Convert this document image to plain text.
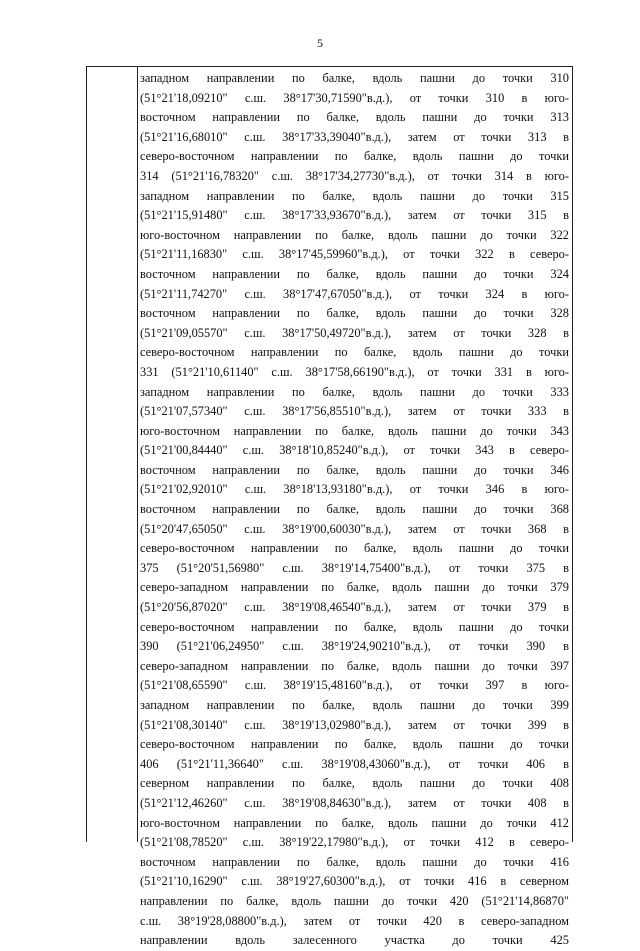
5
западном направлении по балке, вдоль пашни до точки 310
(51°21'18,09210" с.ш. 38°17'30,71590"в.д.), от точки 310 в юго-
восточном направлении по балке, вдоль пашни до точки 313
(51°21'16,68010" с.ш. 38°17'33,39040"в.д.), затем от точки 313 в
северо-восточном направлении по балке, вдоль пашни до точки
314 (51°21'16,78320" с.ш. 38°17'34,27730"в.д.), от точки 314 в юго-
западном направлении по балке, вдоль пашни до точки 315
(51°21'15,91480" с.ш. 38°17'33,93670"в.д.), затем от точки 315 в
юго-восточном направлении по балке, вдоль пашни до точки 322
(51°21'11,16830" с.ш. 38°17'45,59960"в.д.), от точки 322 в северо-
восточном направлении по балке, вдоль пашни до точки 324
(51°21'11,74270" с.ш. 38°17'47,67050"в.д.), от точки 324 в юго-
восточном направлении по балке, вдоль пашни до точки 328
(51°21'09,05570" с.ш. 38°17'50,49720"в.д.), затем от точки 328 в
северо-восточном направлении по балке, вдоль пашни до точки
331 (51°21'10,61140" с.ш. 38°17'58,66190"в.д.), от точки 331 в юго-
западном направлении по балке, вдоль пашни до точки 333
(51°21'07,57340" с.ш. 38°17'56,85510"в.д.), затем от точки 333 в
юго-восточном направлении по балке, вдоль пашни до точки 343
(51°21'00,84440" с.ш. 38°18'10,85240"в.д.), от точки 343 в северо-
восточном направлении по балке, вдоль пашни до точки 346
(51°21'02,92010" с.ш. 38°18'13,93180"в.д.), от точки 346 в юго-
восточном направлении по балке, вдоль пашни до точки 368
(51°20'47,65050" с.ш. 38°19'00,60030"в.д.), затем от точки 368 в
северо-восточном направлении по балке, вдоль пашни до точки
375 (51°20'51,56980" с.ш. 38°19'14,75400"в.д.), от точки 375 в
северо-западном направлении по балке, вдоль пашни до точки 379
(51°20'56,87020" с.ш. 38°19'08,46540"в.д.), затем от точки 379 в
северо-восточном направлении по балке, вдоль пашни до точки
390 (51°21'06,24950" с.ш. 38°19'24,90210"в.д.), от точки 390 в
северо-западном направлении по балке, вдоль пашни до точки 397
(51°21'08,65590" с.ш. 38°19'15,48160"в.д.), от точки 397 в юго-
западном направлении по балке, вдоль пашни до точки 399
(51°21'08,30140" с.ш. 38°19'13,02980"в.д.), затем от точки 399 в
северо-восточном направлении по балке, вдоль пашни до точки
406 (51°21'11,36640" с.ш. 38°19'08,43060"в.д.), от точки 406 в
северном направлении по балке, вдоль пашни до точки 408
(51°21'12,46260" с.ш. 38°19'08,84630"в.д.), затем от точки 408 в
юго-восточном направлении по балке, вдоль пашни до точки 412
(51°21'08,78520" с.ш. 38°19'22,17980"в.д.), от точки 412 в северо-
восточном направлении по балке, вдоль пашни до точки 416
(51°21'10,16290" с.ш. 38°19'27,60300"в.д.), от точки 416 в северном
направлении по балке, вдоль пашни до точки 420 (51°21'14,86870"
с.ш. 38°19'28,08800"в.д.), затем от точки 420 в северо-западном
направлении вдоль залесенного участка до точки 425
